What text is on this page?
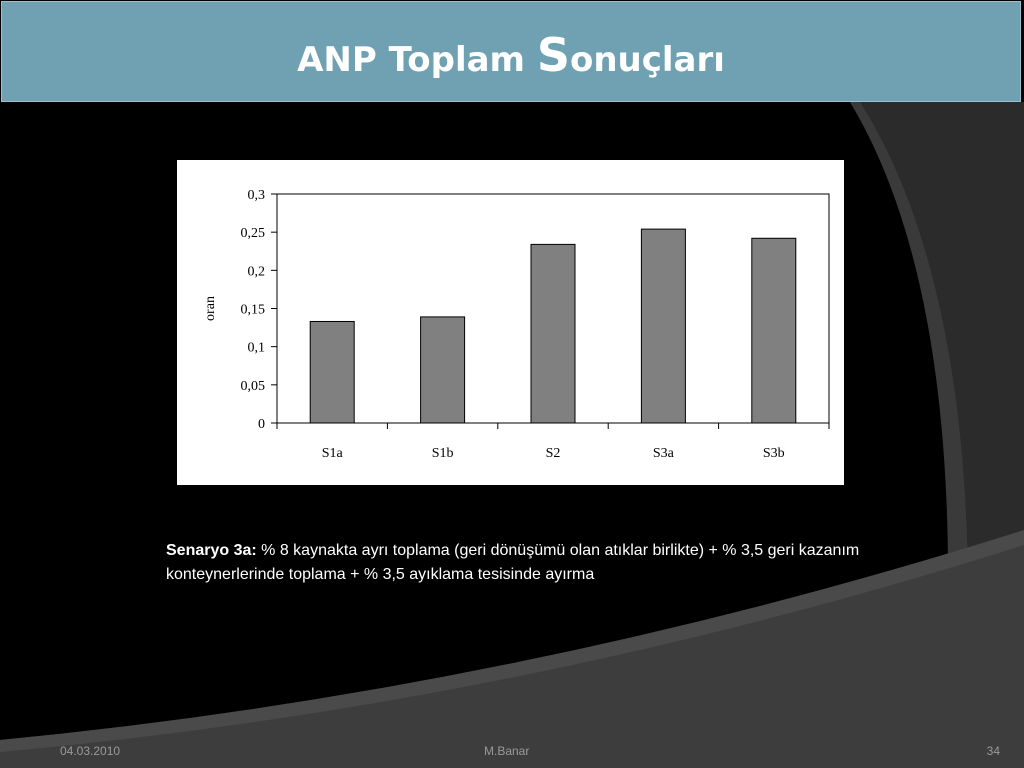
ANP Toplam Sonuçları
0
0,05
0,1
0,15
0,2
0,25
0,3
oran
S1a	S1b	S2	S3a	S3b
Senaryo 3a: % 8 kaynakta ayrı toplama (geri dönüşümü olan atıklar birlikte) + % 3,5 geri kazanım konteynerlerinde toplama + % 3,5 ayıklama tesisinde ayırma
04.03.2010	M.Banar	34
